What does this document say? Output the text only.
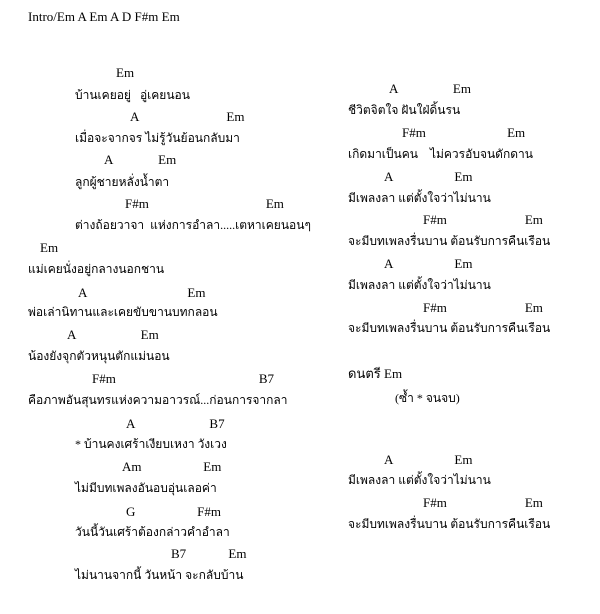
Intro/Em A Em A D F#m Em
Em
บ้านเคยอยู่   อู่เคยนอน
A                           Em
เมื่อจะจากจร ไม่รู้วันย้อนกลับมา
A              Em
ลูกผู้ชายหลั่งน้ำตา
F#m                                    Em
ต่างถ้อยวาจา  แห่งการอำลา.....เตหาเคยนอนๆ
Em
แม่เคยนั่งอยู่กลางนอกชาน
A                               Em
พ่อเล่านิทานและเคยขับขานบทกลอน
A                    Em
น้องยังจุกตัวหนุนตักแม่นอน
F#m                                            B7
คือภาพอันสุนทรแห่งความอาวรณ์...ก่อนการจากลา
A                       B7
* บ้านคงเศร้าเงียบเหงา วังเวง
Am                   Em
ไม่มีบทเพลงอันอบอุ่นเลอค่า
G                   F#m
วันนี้วันเศร้าต้องกล่าวคำอำลา
B7             Em
ไม่นานจากนี้ วันหน้า จะกลับบ้าน
A                 Em
ชีวิตจิตใจ ฝันใฝ่ดิ้นรน
F#m                         Em
เกิดมาเป็นคน    ไม่ควรอับจนดักดาน
A                   Em
มีเพลงลา แต่ตั้งใจว่าไม่นาน
F#m                        Em
จะมีบทเพลงรื่นบาน ต้อนรับการคืนเรือน
A                   Em
มีเพลงลา แต่ตั้งใจว่าไม่นาน
F#m                        Em
จะมีบทเพลงรื่นบาน ต้อนรับการคืนเรือน
ดนตรี Em
(ซ้ำ * จนจบ)
A                   Em
มีเพลงลา แต่ตั้งใจว่าไม่นาน
F#m                        Em
จะมีบทเพลงรื่นบาน ต้อนรับการคืนเรือน
